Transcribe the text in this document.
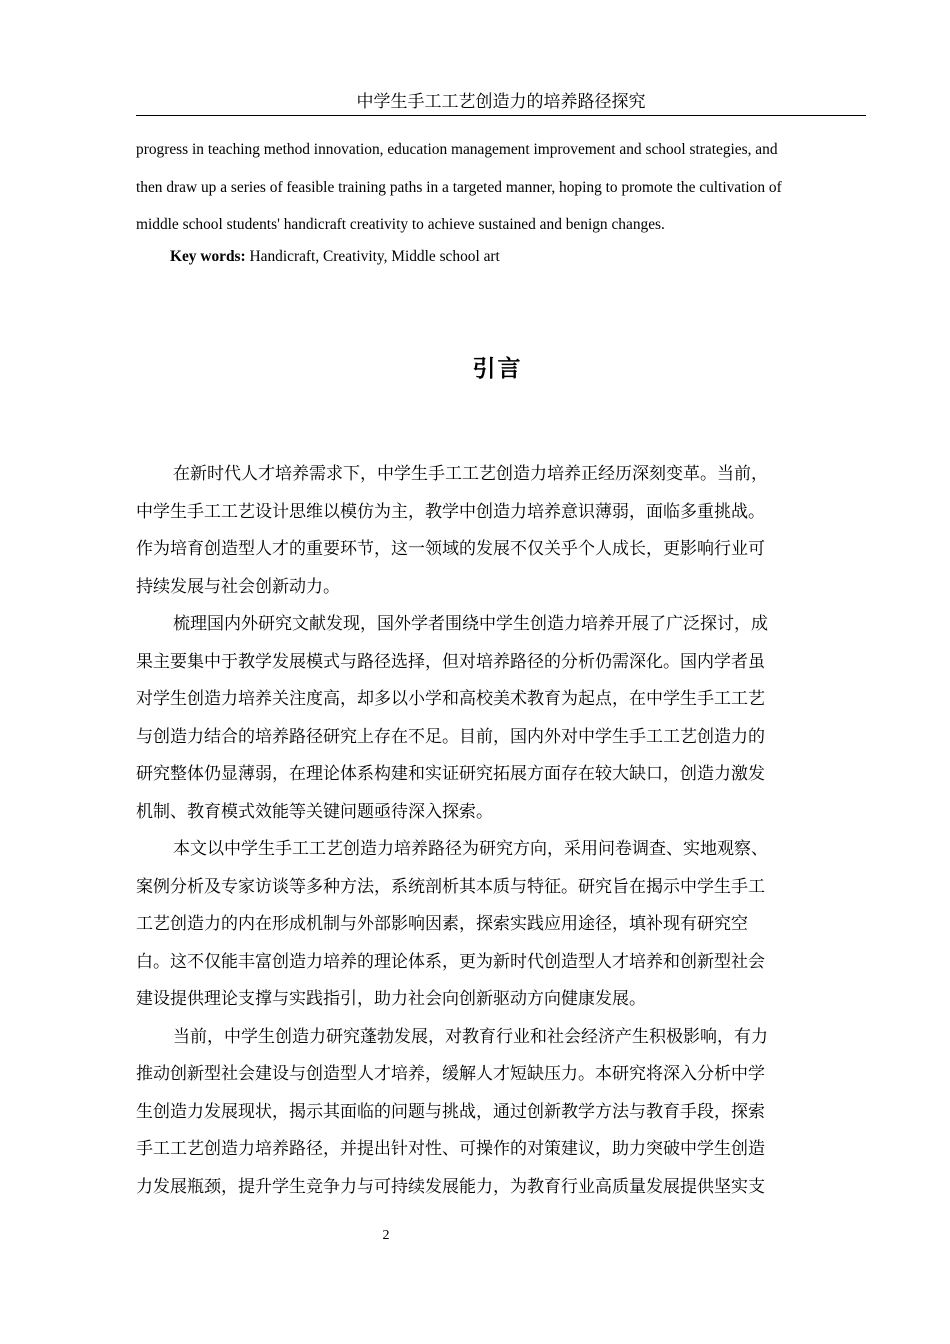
中学生手工工艺创造力的培养路径探究

progress in teaching method innovation, education management improvement and school strategies, and

then draw up a series of feasible training paths in a targeted manner, hoping to promote the cultivation of

middle school students' handicraft creativity to achieve sustained and benign changes.

Key words: Handicraft, Creativity, Middle school art
引言
在新时代人才培养需求下，中学生手工工艺创造力培养正经历深刻变革。当前，
中学生手工工艺设计思维以模仿为主，教学中创造力培养意识薄弱，面临多重挑战。
作为培育创造型人才的重要环节，这一领域的发展不仅关乎个人成长，更影响行业可
持续发展与社会创新动力。
梳理国内外研究文献发现，国外学者围绕中学生创造力培养开展了广泛探讨，成
果主要集中于教学发展模式与路径选择，但对培养路径的分析仍需深化。国内学者虽
对学生创造力培养关注度高，却多以小学和高校美术教育为起点，在中学生手工工艺
与创造力结合的培养路径研究上存在不足。目前，国内外对中学生手工工艺创造力的
研究整体仍显薄弱，在理论体系构建和实证研究拓展方面存在较大缺口，创造力激发
机制、教育模式效能等关键问题亟待深入探索。
本文以中学生手工工艺创造力培养路径为研究方向，采用问卷调查、实地观察、
案例分析及专家访谈等多种方法，系统剖析其本质与特征。研究旨在揭示中学生手工
工艺创造力的内在形成机制与外部影响因素，探索实践应用途径，填补现有研究空
白。这不仅能丰富创造力培养的理论体系，更为新时代创造型人才培养和创新型社会
建设提供理论支撑与实践指引，助力社会向创新驱动方向健康发展。
当前，中学生创造力研究蓬勃发展，对教育行业和社会经济产生积极影响，有力
推动创新型社会建设与创造型人才培养，缓解人才短缺压力。本研究将深入分析中学
生创造力发展现状，揭示其面临的问题与挑战，通过创新教学方法与教育手段，探索
手工工艺创造力培养路径，并提出针对性、可操作的对策建议，助力突破中学生创造
力发展瓶颈，提升学生竞争力与可持续发展能力，为教育行业高质量发展提供坚实支
2
